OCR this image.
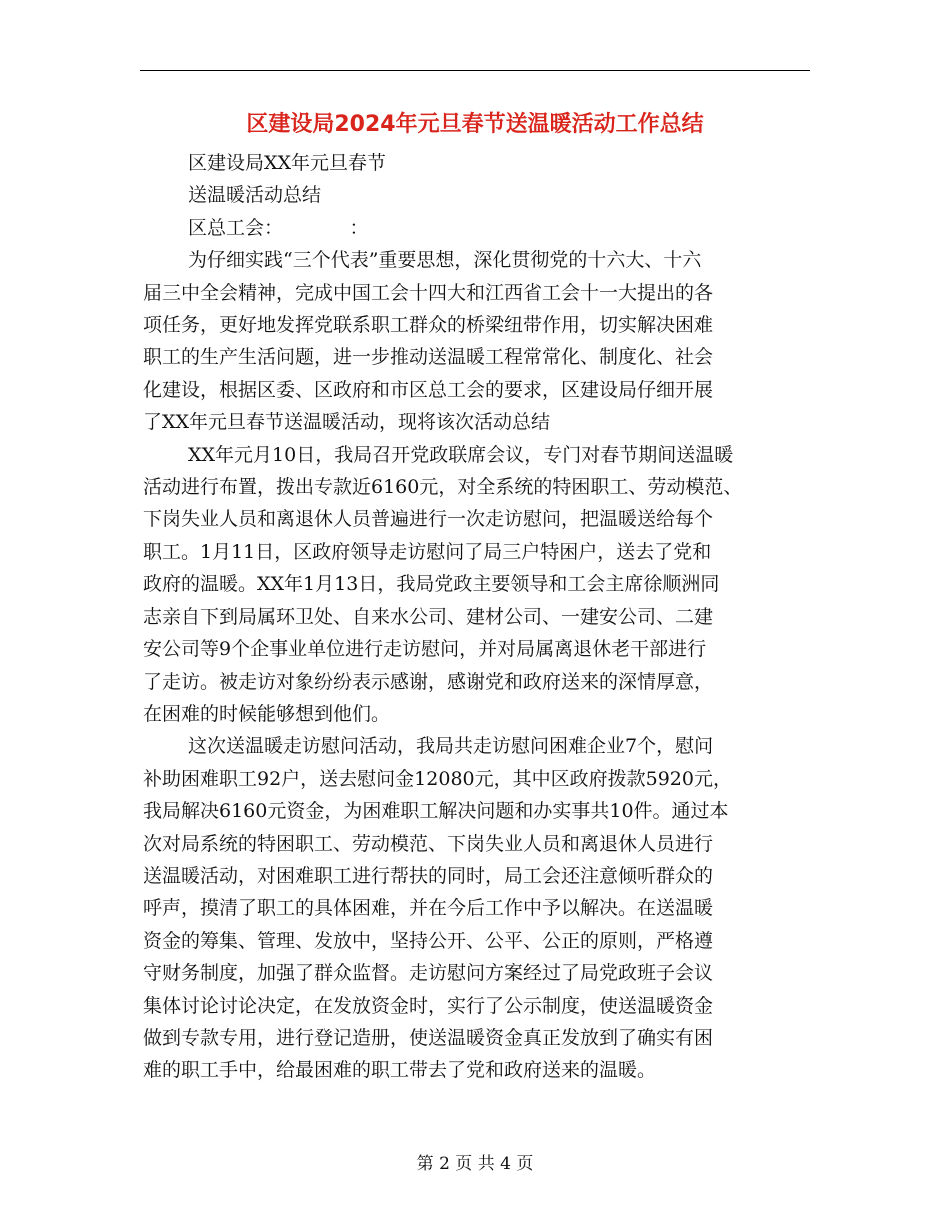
区建设局2024年元旦春节送温暖活动工作总结

区建设局XX年元旦春节

送温暖活动总结

区总工会：　　　　：

为仔细实践“三个代表”重要思想，深化贯彻党的十六大、十六

届三中全会精神，完成中国工会十四大和江西省工会十一大提出的各

项任务，更好地发挥党联系职工群众的桥梁纽带作用，切实解决困难

职工的生产生活问题，进一步推动送温暖工程常常化、制度化、社会

化建设，根据区委、区政府和市区总工会的要求，区建设局仔细开展

了XX年元旦春节送温暖活动，现将该次活动总结

XX年元月10日，我局召开党政联席会议，专门对春节期间送温暖

活动进行布置，拨出专款近6160元，对全系统的特困职工、劳动模范、

下岗失业人员和离退休人员普遍进行一次走访慰问，把温暖送给每个

职工。1月11日，区政府领导走访慰问了局三户特困户，送去了党和

政府的温暖。XX年1月13日，我局党政主要领导和工会主席徐顺洲同

志亲自下到局属环卫处、自来水公司、建材公司、一建安公司、二建

安公司等9个企事业单位进行走访慰问，并对局属离退休老干部进行

了走访。被走访对象纷纷表示感谢，感谢党和政府送来的深情厚意，

在困难的时候能够想到他们。

这次送温暖走访慰问活动，我局共走访慰问困难企业7个，慰问

补助困难职工92户，送去慰问金12080元，其中区政府拨款5920元，

我局解决6160元资金，为困难职工解决问题和办实事共10件。通过本

次对局系统的特困职工、劳动模范、下岗失业人员和离退休人员进行

送温暖活动，对困难职工进行帮扶的同时，局工会还注意倾听群众的

呼声，摸清了职工的具体困难，并在今后工作中予以解决。在送温暖

资金的筹集、管理、发放中，坚持公开、公平、公正的原则，严格遵

守财务制度，加强了群众监督。走访慰问方案经过了局党政班子会议

集体讨论讨论决定，在发放资金时，实行了公示制度，使送温暖资金

做到专款专用，进行登记造册，使送温暖资金真正发放到了确实有困

难的职工手中，给最困难的职工带去了党和政府送来的温暖。

第 2 页 共 4 页
